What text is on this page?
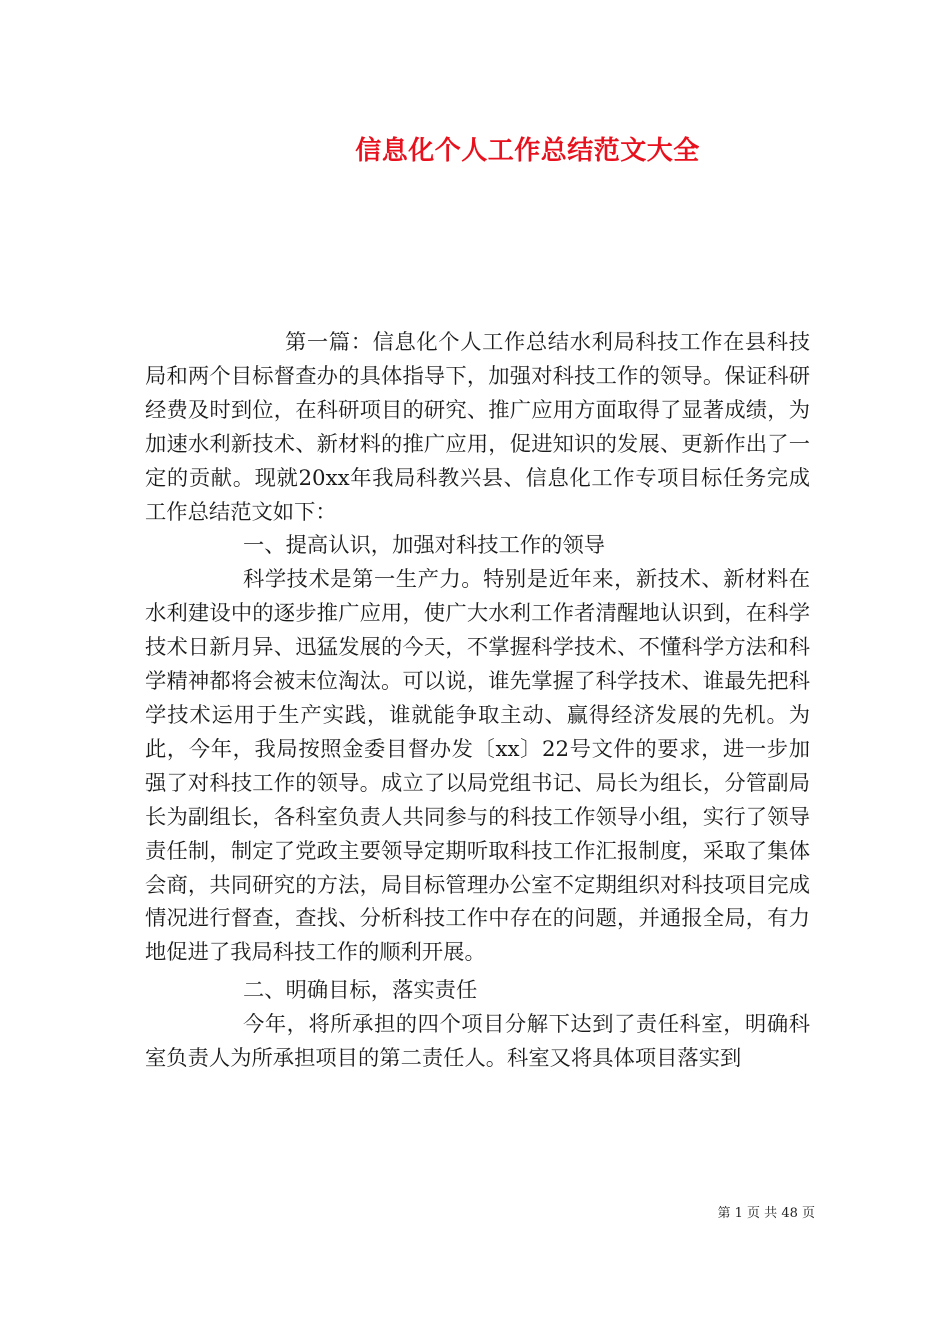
信息化个人工作总结范文大全

第一篇：信息化个人工作总结水利局科技工作在县科技局和两个目标督查办的具体指导下，加强对科技工作的领导。保证科研经费及时到位，在科研项目的研究、推广应用方面取得了显著成绩，为加速水利新技术、新材料的推广应用，促进知识的发展、更新作出了一定的贡献。现就20xx年我局科教兴县、信息化工作专项目标任务完成工作总结范文如下：

一、提高认识，加强对科技工作的领导

科学技术是第一生产力。特别是近年来，新技术、新材料在水利建设中的逐步推广应用，使广大水利工作者清醒地认识到，在科学技术日新月异、迅猛发展的今天，不掌握科学技术、不懂科学方法和科学精神都将会被末位淘汰。可以说，谁先掌握了科学技术、谁最先把科学技术运用于生产实践，谁就能争取主动、赢得经济发展的先机。为此，今年，我局按照金委目督办发〔xx〕22号文件的要求，进一步加强了对科技工作的领导。成立了以局党组书记、局长为组长，分管副局长为副组长，各科室负责人共同参与的科技工作领导小组，实行了领导责任制，制定了党政主要领导定期听取科技工作汇报制度，采取了集体会商，共同研究的方法，局目标管理办公室不定期组织对科技项目完成情况进行督查，查找、分析科技工作中存在的问题，并通报全局，有力地促进了我局科技工作的顺利开展。

二、明确目标，落实责任

今年，将所承担的四个项目分解下达到了责任科室，明确科室负责人为所承担项目的第二责任人。科室又将具体项目落实到

第 1 页 共 48 页
